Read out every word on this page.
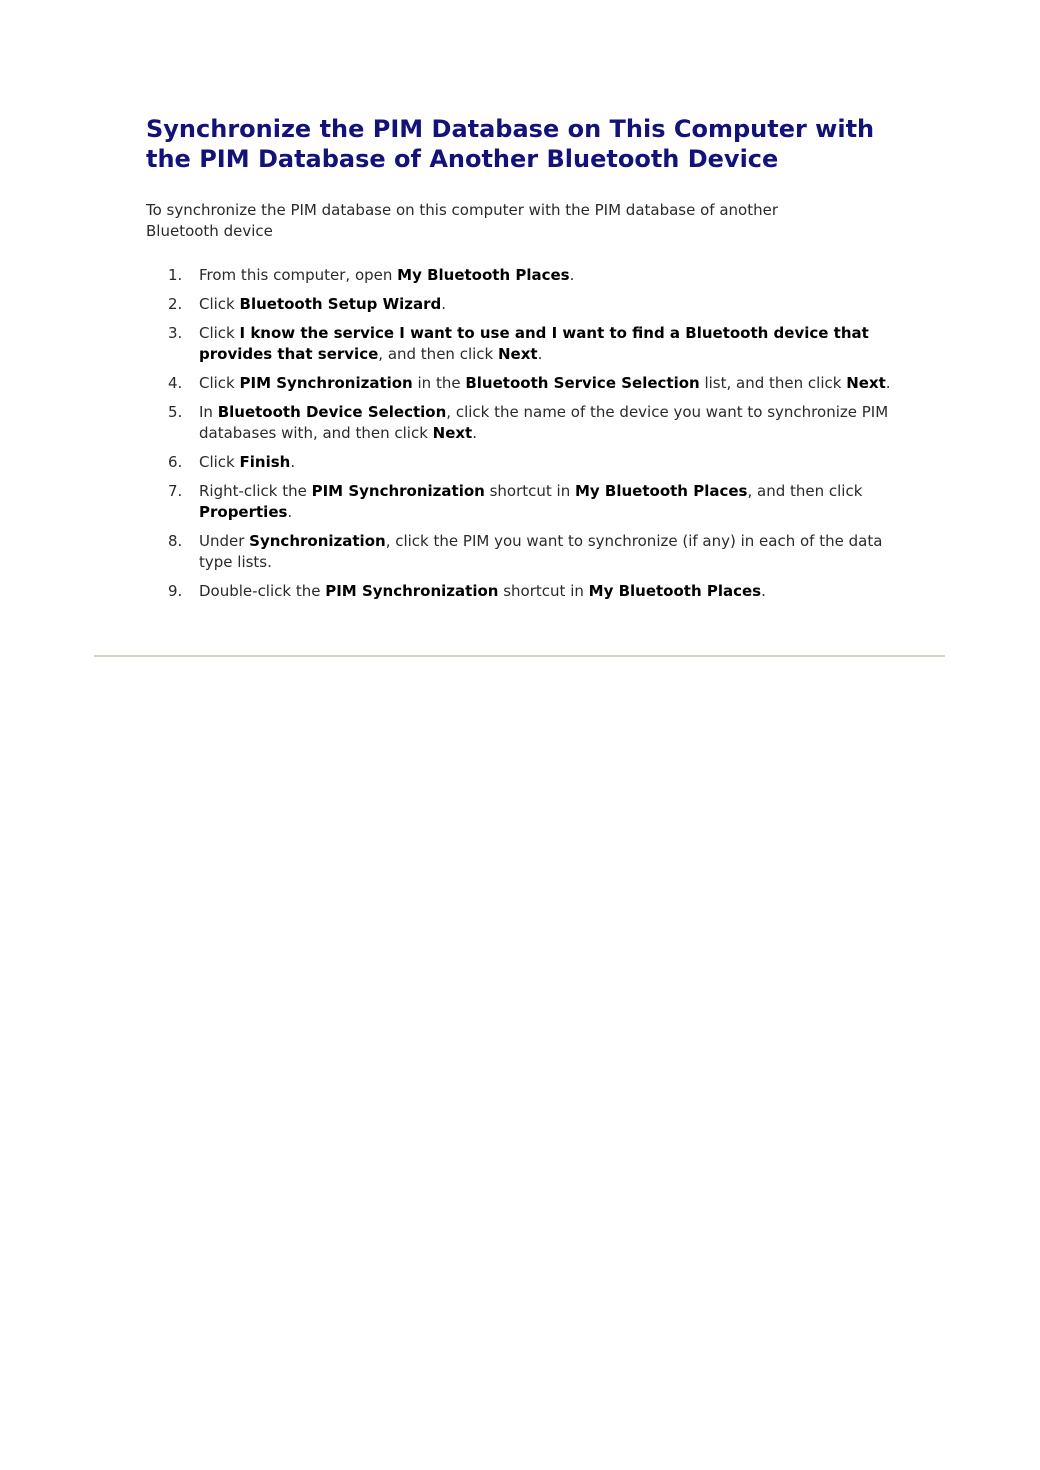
Synchronize the PIM Database on This Computer with the PIM Database of Another Bluetooth Device

To synchronize the PIM database on this computer with the PIM database of another Bluetooth device

1. From this computer, open My Bluetooth Places.
2. Click Bluetooth Setup Wizard.
3. Click I know the service I want to use and I want to find a Bluetooth device that provides that service, and then click Next.
4. Click PIM Synchronization in the Bluetooth Service Selection list, and then click Next.
5. In Bluetooth Device Selection, click the name of the device you want to synchronize PIM databases with, and then click Next.
6. Click Finish.
7. Right-click the PIM Synchronization shortcut in My Bluetooth Places, and then click Properties.
8. Under Synchronization, click the PIM you want to synchronize (if any) in each of the data type lists.
9. Double-click the PIM Synchronization shortcut in My Bluetooth Places.
